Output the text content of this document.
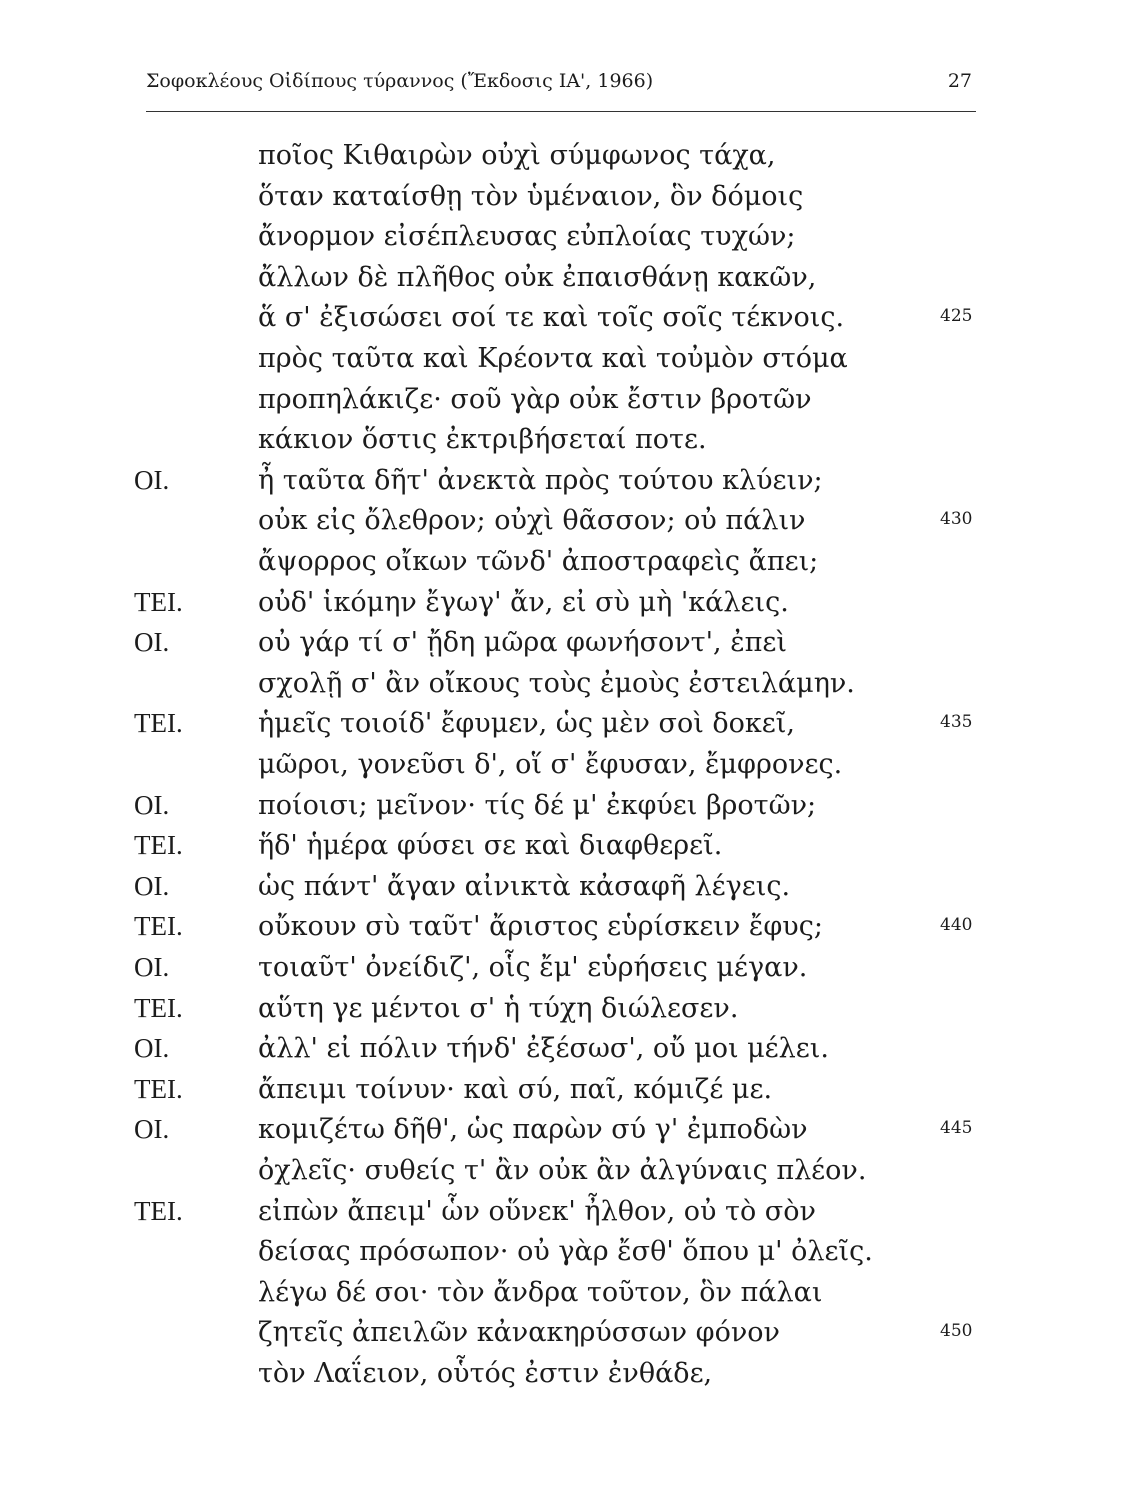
Σοφοκλέους Οἰδίπους τύραννος (Ἔκδοσις ΙΑ', 1966)	27
ποῖος Κιθαιρὼν οὐχὶ σύμφωνος τάχα,
ὅταν καταίσθῃ τὸν ὑμέναιον, ὃν δόμοις
ἄνορμον εἰσέπλευσας εὐπλοίας τυχών;
ἄλλων δὲ πλῆθος οὐκ ἐπαισθάνῃ κακῶν,
ἅ σ' ἐξισώσει σοί τε καὶ τοῖς σοῖς τέκνοις.	425
πρὸς ταῦτα καὶ Κρέοντα καὶ τοὐμὸν στόμα
προπηλάκιζε· σοῦ γὰρ οὐκ ἔστιν βροτῶν
κάκιον ὅστις ἐκτριβήσεταί ποτε.
ΟΙ.	ἦ ταῦτα δῆτ' ἀνεκτὰ πρὸς τούτου κλύειν;
οὐκ εἰς ὄλεθρον; οὐχὶ θᾶσσον; οὐ πάλιν	430
ἄψορρος οἴκων τῶνδ' ἀποστραφεὶς ἄπει;
ΤΕΙ.	οὐδ' ἱκόμην ἔγωγ' ἄν, εἰ σὺ μὴ 'κάλεις.
ΟΙ.	οὐ γάρ τί σ' ᾔδη μῶρα φωνήσοντ', ἐπεὶ
σχολῇ σ' ἂν οἴκους τοὺς ἐμοὺς ἐστειλάμην.
ΤΕΙ.	ἡμεῖς τοιοίδ' ἔφυμεν, ὡς μὲν σοὶ δοκεῖ,	435
μῶροι, γονεῦσι δ', οἵ σ' ἔφυσαν, ἔμφρονες.
ΟΙ.	ποίοισι; μεῖνον· τίς δέ μ' ἐκφύει βροτῶν;
ΤΕΙ.	ἥδ' ἡμέρα φύσει σε καὶ διαφθερεῖ.
ΟΙ.	ὡς πάντ' ἄγαν αἰνικτὰ κἀσαφῆ λέγεις.
ΤΕΙ.	οὔκουν σὺ ταῦτ' ἄριστος εὑρίσκειν ἔφυς;	440
ΟΙ.	τοιαῦτ' ὀνείδιζ', οἷς ἔμ' εὑρήσεις μέγαν.
ΤΕΙ.	αὕτη γε μέντοι σ' ἡ τύχη διώλεσεν.
ΟΙ.	ἀλλ' εἰ πόλιν τήνδ' ἐξέσωσ', οὔ μοι μέλει.
ΤΕΙ.	ἄπειμι τοίνυν· καὶ σύ, παῖ, κόμιζέ με.
ΟΙ.	κομιζέτω δῆθ', ὡς παρὼν σύ γ' ἐμποδὼν	445
ὀχλεῖς· συθείς τ' ἂν οὐκ ἂν ἀλγύναις πλέον.
ΤΕΙ.	εἰπὼν ἄπειμ' ὧν οὕνεκ' ἦλθον, οὐ τὸ σὸν
δείσας πρόσωπον· οὐ γὰρ ἔσθ' ὅπου μ' ὀλεῖς.
λέγω δέ σοι· τὸν ἄνδρα τοῦτον, ὃν πάλαι
ζητεῖς ἀπειλῶν κἀνακηρύσσων φόνον	450
τὸν Λαΐειον, οὗτός ἐστιν ἐνθάδε,
